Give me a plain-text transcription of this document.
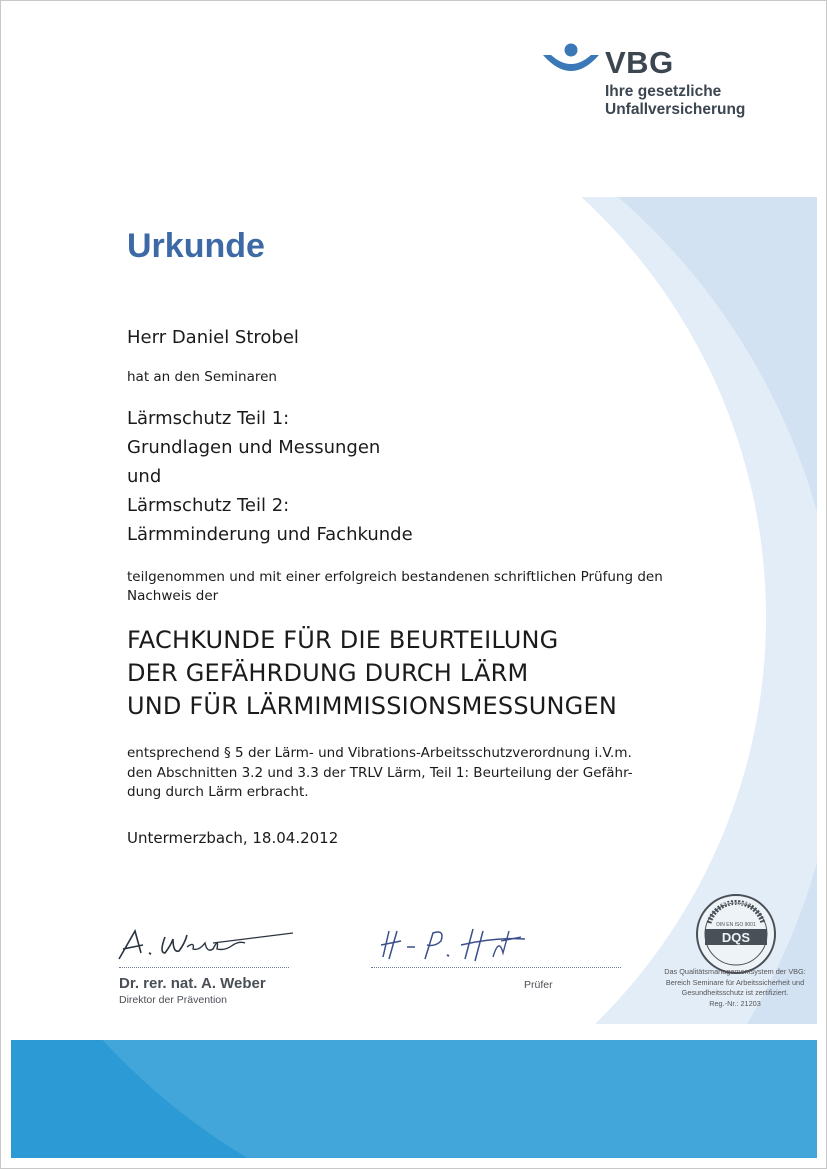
VBG
Ihre gesetzliche
Unfallversicherung
Urkunde
Herr Daniel Strobel
hat an den Seminaren
Lärmschutz Teil 1:
Grundlagen und Messungen
und
Lärmschutz Teil 2:
Lärmminderung und Fachkunde
teilgenommen und mit einer erfolgreich bestandenen schriftlichen Prüfung den
Nachweis der
FACHKUNDE FÜR DIE BEURTEILUNG
DER GEFÄHRDUNG DURCH LÄRM
UND FÜR LÄRMIMMISSIONSMESSUNGEN
entsprechend § 5 der Lärm- und Vibrations-Arbeitsschutzverordnung i.V.m.
den Abschnitten 3.2 und 3.3 der TRLV Lärm, Teil 1: Beurteilung der Gefähr-
dung durch Lärm erbracht.
Untermerzbach, 18.04.2012
Dr. rer. nat. A. Weber
Direktor der Prävention
Prüfer
DQS
DIN EN ISO 9001
ZERTIFIZIERT
Das Qualitätsmanagementsystem der VBG:
Bereich Seminare für Arbeitssicherheit und
Gesundheitsschutz ist zertifiziert.
Reg.-Nr.: 21203
